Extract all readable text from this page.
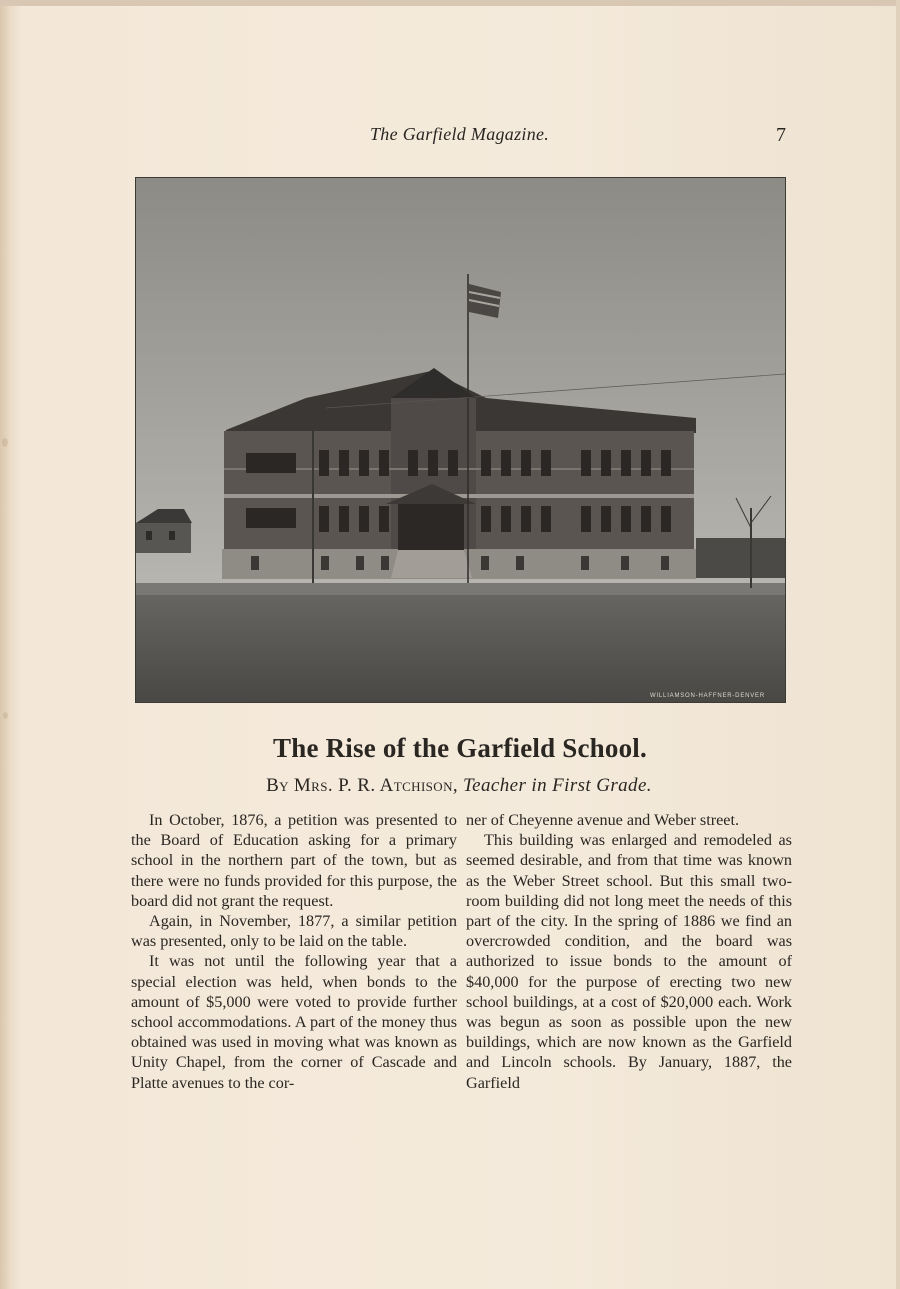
The Garfield Magazine.	7
WILLIAMSON-HAFFNER-DENVER
The Rise of the Garfield School.
By Mrs. P. R. Atchison, Teacher in First Grade.

In October, 1876, a petition was presented to the Board of Education asking for a primary school in the northern part of the town, but as there were no funds provided for this purpose, the board did not grant the request.

Again, in November, 1877, a similar petition was presented, only to be laid on the table.

It was not until the following year that a special election was held, when bonds to the amount of $5,000 were voted to provide further school accommodations. A part of the money thus obtained was used in moving what was known as Unity Chapel, from the corner of Cascade and Platte avenues to the cor-

ner of Cheyenne avenue and Weber street.

This building was enlarged and remodeled as seemed desirable, and from that time was known as the Weber Street school. But this small two-room building did not long meet the needs of this part of the city. In the spring of 1886 we find an overcrowded condition, and the board was authorized to issue bonds to the amount of $40,000 for the purpose of erecting two new school buildings, at a cost of $20,000 each. Work was begun as soon as possible upon the new buildings, which are now known as the Garfield and Lincoln schools. By January, 1887, the Garfield
